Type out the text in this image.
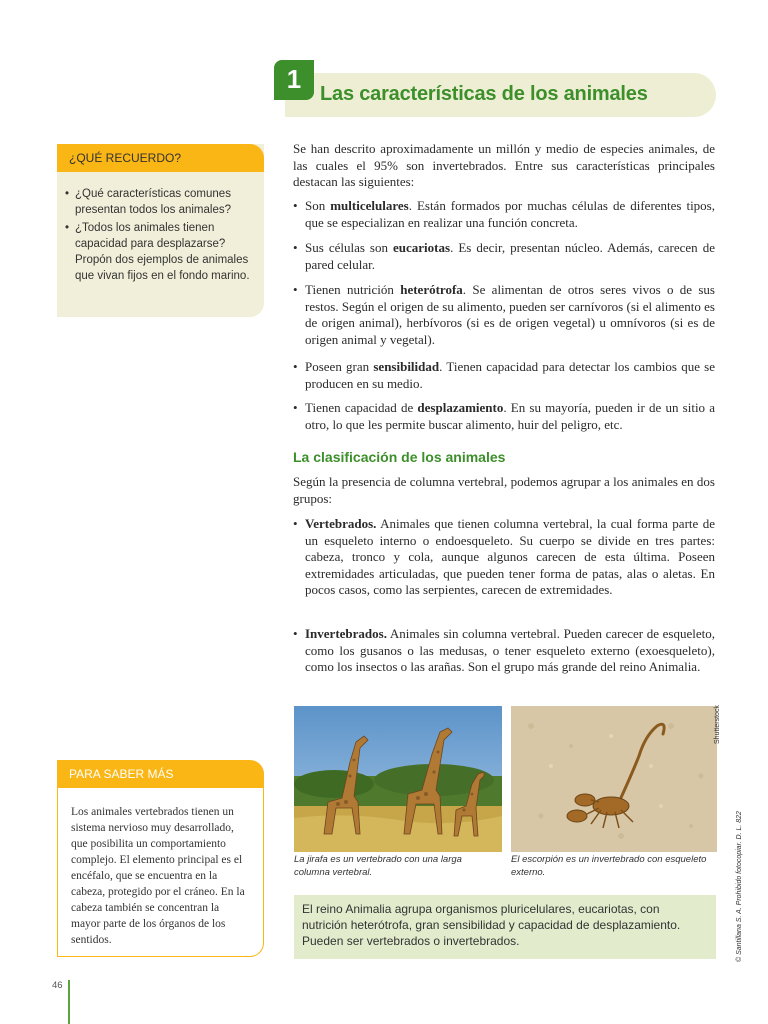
1 Las características de los animales
¿QUÉ RECUERDO?
• ¿Qué características comunes presentan todos los animales?
• ¿Todos los animales tienen capacidad para desplazarse? Propón dos ejemplos de animales que vivan fijos en el fondo marino.
Se han descrito aproximadamente un millón y medio de especies animales, de las cuales el 95% son invertebrados. Entre sus características principales destacan las siguientes:
• Son multicelulares. Están formados por muchas células de diferentes tipos, que se especializan en realizar una función concreta.
• Sus células son eucariotas. Es decir, presentan núcleo. Además, carecen de pared celular.
• Tienen nutrición heterótrofa. Se alimentan de otros seres vivos o de sus restos. Según el origen de su alimento, pueden ser carnívoros (si el alimento es de origen animal), herbívoros (si es de origen vegetal) u omnívoros (si es de origen animal y vegetal).
• Poseen gran sensibilidad. Tienen capacidad para detectar los cambios que se producen en su medio.
• Tienen capacidad de desplazamiento. En su mayoría, pueden ir de un sitio a otro, lo que les permite buscar alimento, huir del peligro, etc.
La clasificación de los animales
Según la presencia de columna vertebral, podemos agrupar a los animales en dos grupos:
• Vertebrados. Animales que tienen columna vertebral, la cual forma parte de un esqueleto interno o endoesqueleto. Su cuerpo se divide en tres partes: cabeza, tronco y cola, aunque algunos carecen de esta última. Poseen extremidades articuladas, que pueden tener forma de patas, alas o aletas. En pocos casos, como las serpientes, carecen de extremidades.
• Invertebrados. Animales sin columna vertebral. Pueden carecer de esqueleto, como los gusanos o las medusas, o tener esqueleto externo (exoesqueleto), como los insectos o las arañas. Son el grupo más grande del reino Animalia.
La jirafa es un vertebrado con una larga columna vertebral.
El escorpión es un invertebrado con esqueleto externo.
Shutterstock
PARA SABER MÁS
Los animales vertebrados tienen un sistema nervioso muy desarrollado, que posibilita un comportamiento complejo. El elemento principal es el encéfalo, que se encuentra en la cabeza, protegido por el cráneo. En la cabeza también se concentran la mayor parte de los órganos de los sentidos.
El reino Animalia agrupa organismos pluricelulares, eucariotas, con nutrición heterótrofa, gran sensibilidad y capacidad de desplazamiento. Pueden ser vertebrados o invertebrados.	© Santillana S. A. Prohibido fotocopiar. D. L. 822
46
